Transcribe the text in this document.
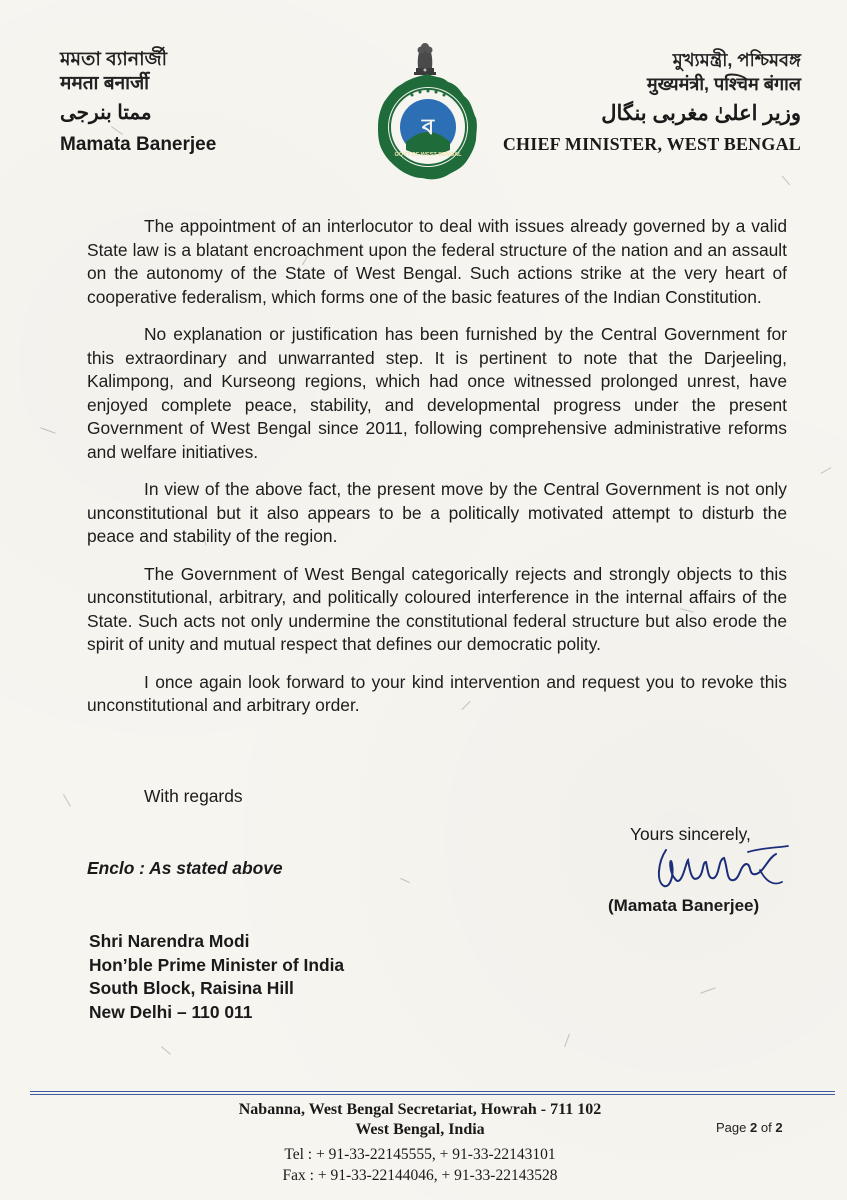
মমতা ব্যানার্জী
ममता बनार्जी
ممتا بنرجی
Mamata Banerjee
ব
GOVT OF WEST BENGAL
মুখ্যমন্ত্রী, পশ্চিমবঙ্গ
मुख्यमंत्री, पश्चिम बंगाल
وزیر اعلیٰ مغربی بنگال
CHIEF MINISTER, WEST BENGAL

The appointment of an interlocutor to deal with issues already governed by a valid State law is a blatant encroachment upon the federal structure of the nation and an assault on the autonomy of the State of West Bengal. Such actions strike at the very heart of cooperative federalism, which forms one of the basic features of the Indian Constitution.

No explanation or justification has been furnished by the Central Government for this extraordinary and unwarranted step. It is pertinent to note that the Darjeeling, Kalimpong, and Kurseong regions, which had once witnessed prolonged unrest, have enjoyed complete peace, stability, and developmental progress under the present Government of West Bengal since 2011, following comprehensive administrative reforms and welfare initiatives.

In view of the above fact, the present move by the Central Government is not only unconstitutional but it also appears to be a politically motivated attempt to disturb the peace and stability of the region.

The Government of West Bengal categorically rejects and strongly objects to this unconstitutional, arbitrary, and politically coloured interference in the internal affairs of the State. Such acts not only undermine the constitutional federal structure but also erode the spirit of unity and mutual respect that defines our democratic polity.

I once again look forward to your kind intervention and request you to revoke this unconstitutional and arbitrary order.

With regards
Yours sincerely,
(Mamata Banerjee)
Enclo : As stated above
Shri Narendra Modi
Hon’ble Prime Minister of India
South Block, Raisina Hill
New Delhi – 110 011
Nabanna, West Bengal Secretariat, Howrah - 711 102
West Bengal, India
Tel : + 91-33-22145555, + 91-33-22143101
Fax : + 91-33-22144046, + 91-33-22143528
Page 2 of 2
